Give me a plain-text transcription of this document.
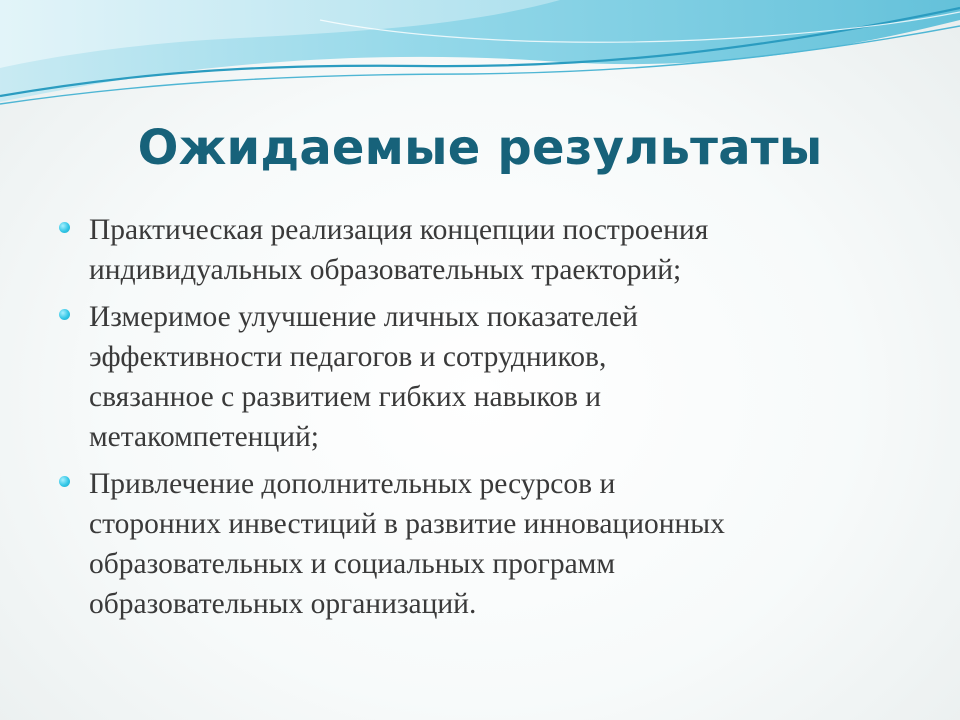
Ожидаемые результаты
Практическая реализация концепции построения
индивидуальных образовательных траекторий;
Измеримое улучшение личных показателей
эффективности педагогов и сотрудников,
связанное с развитием гибких навыков и
метакомпетенций;
Привлечение дополнительных ресурсов и
сторонних инвестиций в развитие инновационных
образовательных и социальных программ
образовательных организаций.
